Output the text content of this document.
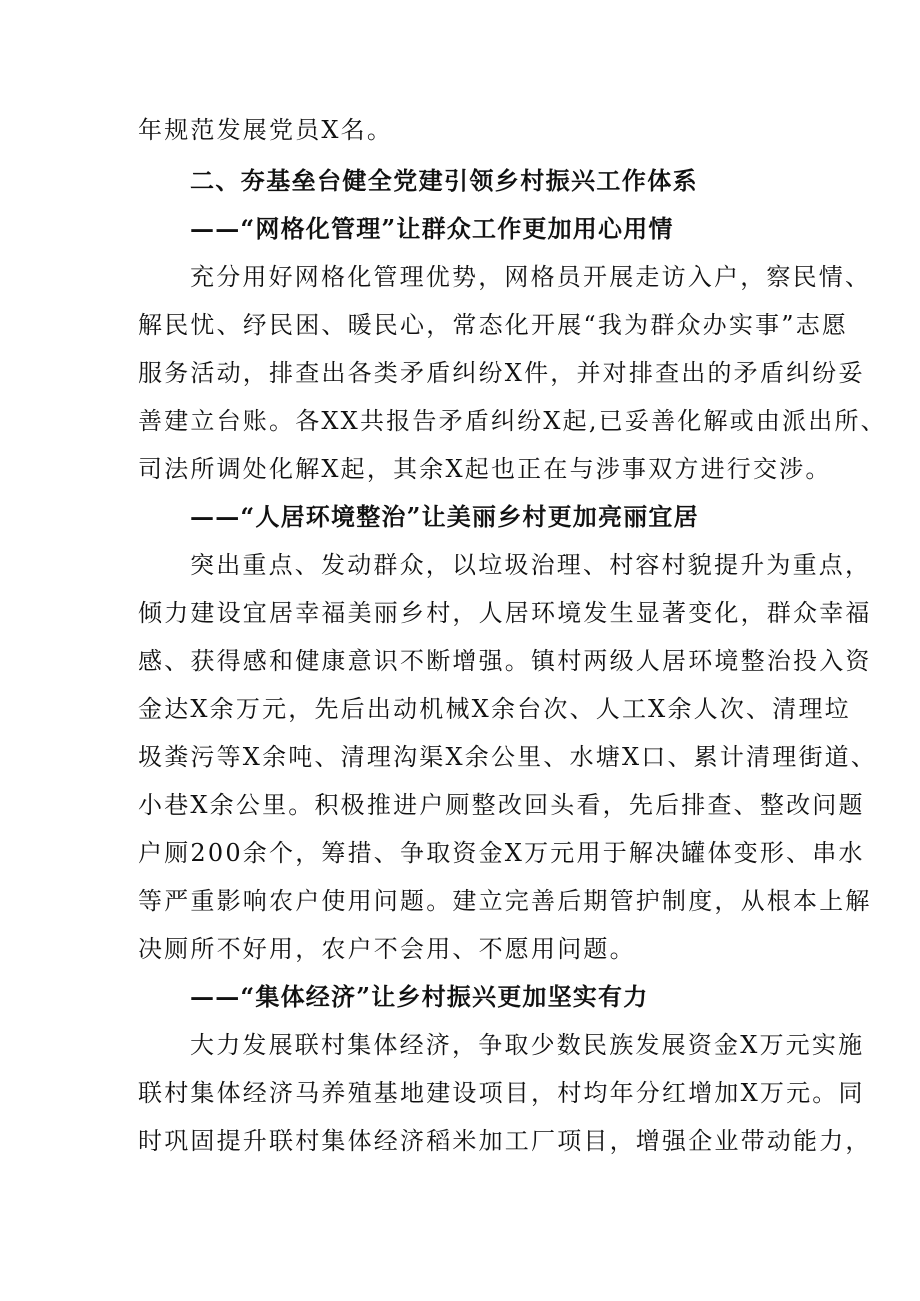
年规范发展党员X名。
二、夯基垒台健全党建引领乡村振兴工作体系
——“网格化管理”让群众工作更加用心用情
充分用好网格化管理优势，网格员开展走访入户，察民情、
解民忧、纾民困、暖民心，常态化开展“我为群众办实事”志愿
服务活动，排查出各类矛盾纠纷X件，并对排查出的矛盾纠纷妥
善建立台账。各XX共报告矛盾纠纷X起,已妥善化解或由派出所、
司法所调处化解X起，其余X起也正在与涉事双方进行交涉。
——“人居环境整治”让美丽乡村更加亮丽宜居
突出重点、发动群众，以垃圾治理、村容村貌提升为重点，
倾力建设宜居幸福美丽乡村，人居环境发生显著变化，群众幸福
感、获得感和健康意识不断增强。镇村两级人居环境整治投入资
金达X余万元，先后出动机械X余台次、人工X余人次、清理垃
圾粪污等X余吨、清理沟渠X余公里、水塘X口、累计清理街道、
小巷X余公里。积极推进户厕整改回头看，先后排查、整改问题
户厕200余个，筹措、争取资金X万元用于解决罐体变形、串水
等严重影响农户使用问题。建立完善后期管护制度，从根本上解
决厕所不好用，农户不会用、不愿用问题。
——“集体经济”让乡村振兴更加坚实有力
大力发展联村集体经济，争取少数民族发展资金X万元实施
联村集体经济马养殖基地建设项目，村均年分红增加X万元。同
时巩固提升联村集体经济稻米加工厂项目，增强企业带动能力，
